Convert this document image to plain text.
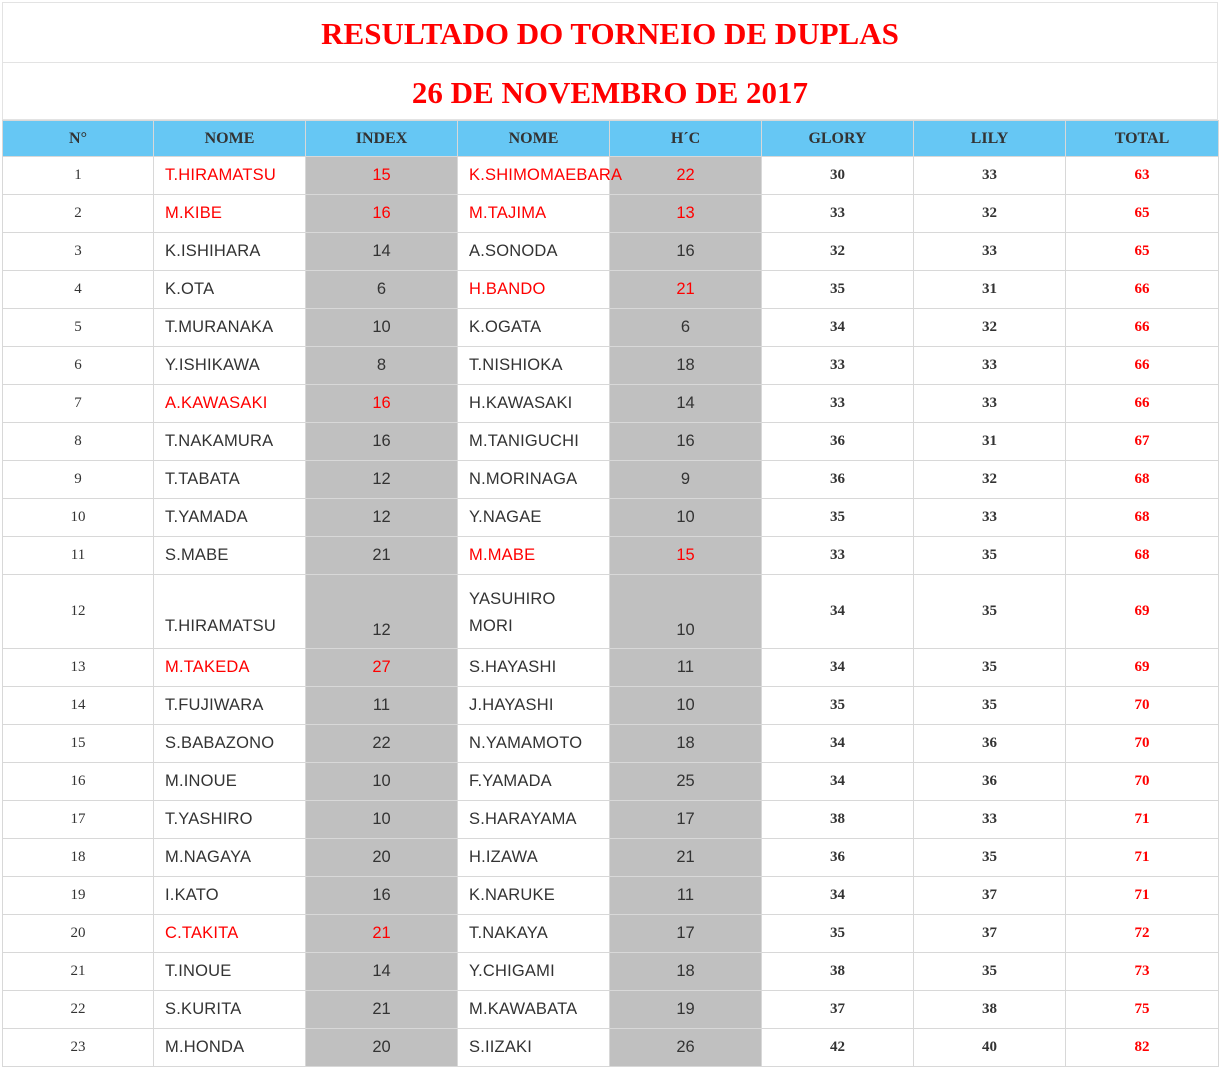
RESULTADO DO TORNEIO DE DUPLAS
26 DE NOVEMBRO DE 2017
N°	NOME	INDEX	NOME	H´C	GLORY	LILY	TOTAL
1	T.HIRAMATSU	15	K.SHIMOMAEBARA	22	30	33	63
2	M.KIBE	16	M.TAJIMA	13	33	32	65
3	K.ISHIHARA	14	A.SONODA	16	32	33	65
4	K.OTA	6	H.BANDO	21	35	31	66
5	T.MURANAKA	10	K.OGATA	6	34	32	66
6	Y.ISHIKAWA	8	T.NISHIOKA	18	33	33	66
7	A.KAWASAKI	16	H.KAWASAKI	14	33	33	66
8	T.NAKAMURA	16	M.TANIGUCHI	16	36	31	67
9	T.TABATA	12	N.MORINAGA	9	36	32	68
10	T.YAMADA	12	Y.NAGAE	10	35	33	68
11	S.MABE	21	M.MABE	15	33	35	68
12	T.HIRAMATSU	12	YASUHIRO MORI	10	34	35	69
13	M.TAKEDA	27	S.HAYASHI	11	34	35	69
14	T.FUJIWARA	11	J.HAYASHI	10	35	35	70
15	S.BABAZONO	22	N.YAMAMOTO	18	34	36	70
16	M.INOUE	10	F.YAMADA	25	34	36	70
17	T.YASHIRO	10	S.HARAYAMA	17	38	33	71
18	M.NAGAYA	20	H.IZAWA	21	36	35	71
19	I.KATO	16	K.NARUKE	11	34	37	71
20	C.TAKITA	21	T.NAKAYA	17	35	37	72
21	T.INOUE	14	Y.CHIGAMI	18	38	35	73
22	S.KURITA	21	M.KAWABATA	19	37	38	75
23	M.HONDA	20	S.IIZAKI	26	42	40	82
